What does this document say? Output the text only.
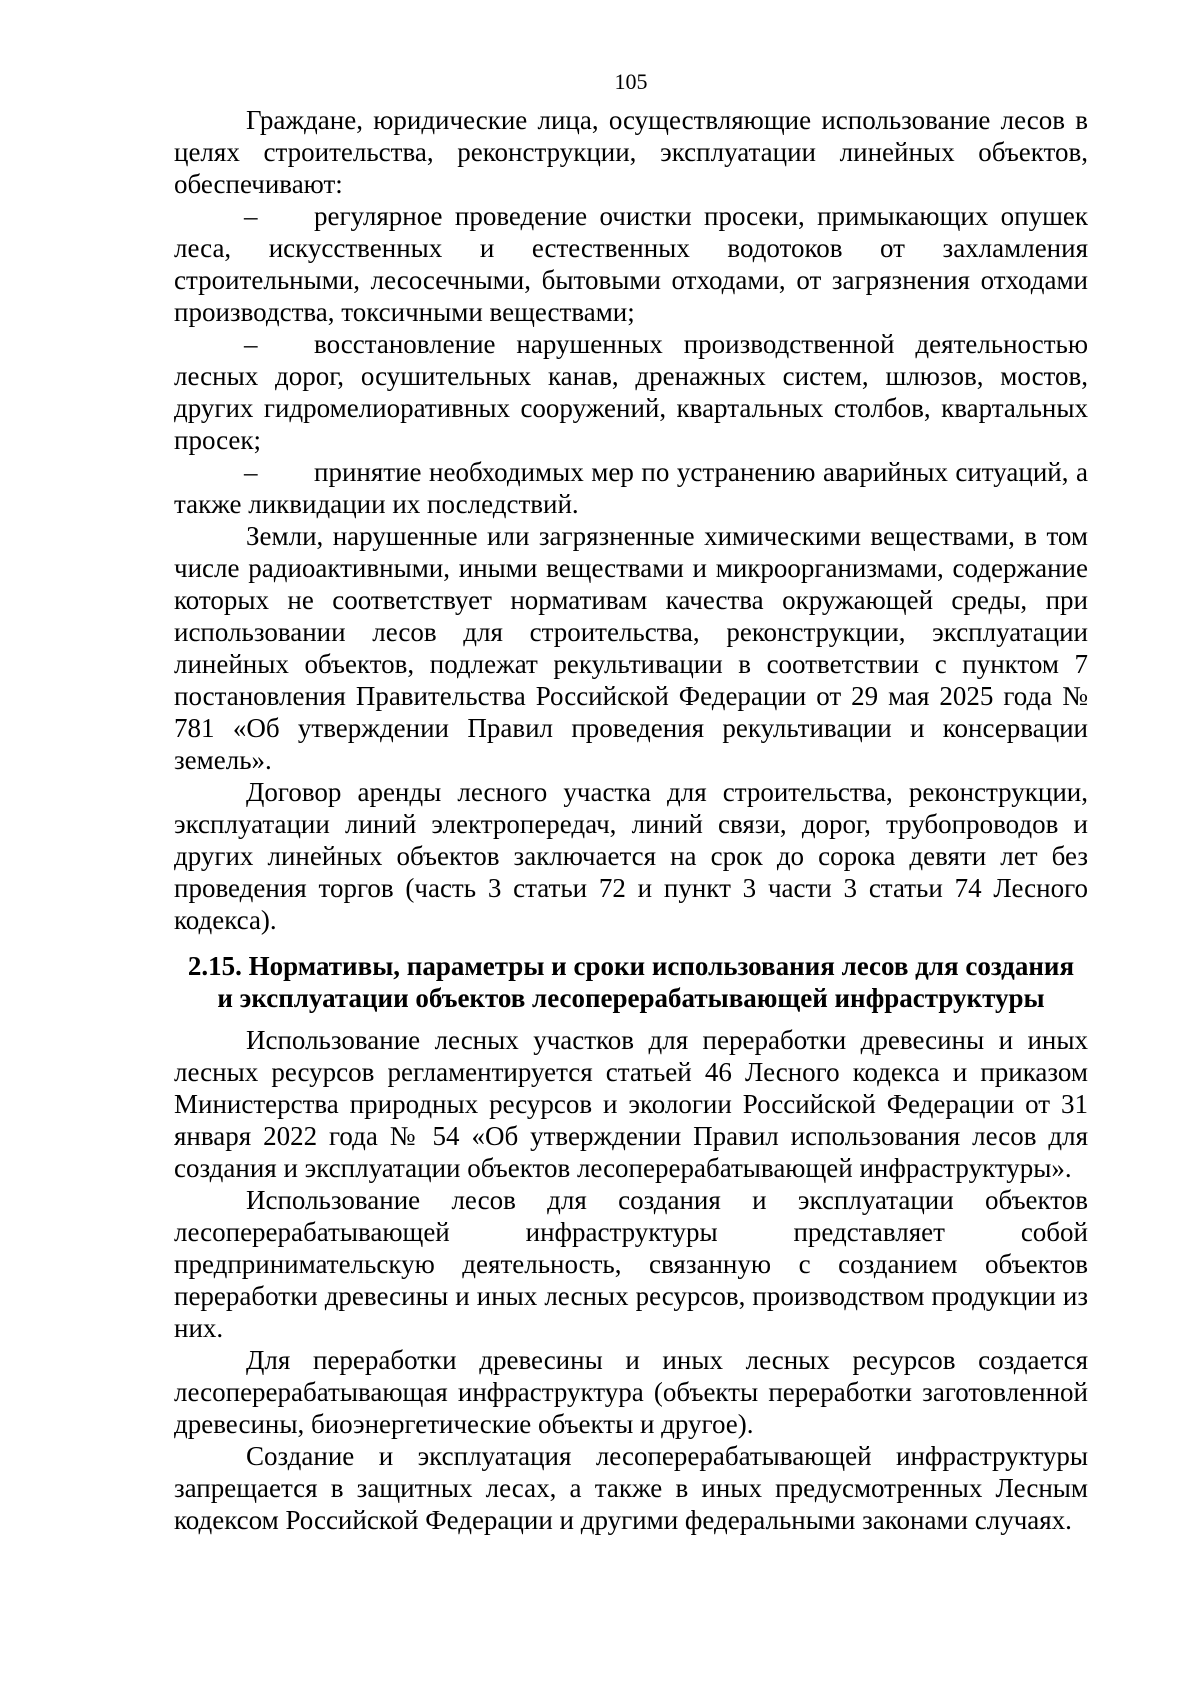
105

Граждане, юридические лица, осуществляющие использование лесов в целях строительства, реконструкции, эксплуатации линейных объектов, обеспечивают:

– регулярное проведение очистки просеки, примыкающих опушек леса, искусственных и естественных водотоков от захламления строительными, лесосечными, бытовыми отходами, от загрязнения отходами производства, токсичными веществами;

– восстановление нарушенных производственной деятельностью лесных дорог, осушительных канав, дренажных систем, шлюзов, мостов, других гидромелиоративных сооружений, квартальных столбов, квартальных просек;

– принятие необходимых мер по устранению аварийных ситуаций, а также ликвидации их последствий.

Земли, нарушенные или загрязненные химическими веществами, в том числе радиоактивными, иными веществами и микроорганизмами, содержание которых не соответствует нормативам качества окружающей среды, при использовании лесов для строительства, реконструкции, эксплуатации линейных объектов, подлежат рекультивации в соответствии с пунктом 7 постановления Правительства Российской Федерации от 29 мая 2025 года № 781 «Об утверждении Правил проведения рекультивации и консервации земель».

Договор аренды лесного участка для строительства, реконструкции, эксплуатации линий электропередач, линий связи, дорог, трубопроводов и других линейных объектов заключается на срок до сорока девяти лет без проведения торгов (часть 3 статьи 72 и пункт 3 части 3 статьи 74 Лесного кодекса).

2.15. Нормативы, параметры и сроки использования лесов для создания
и эксплуатации объектов лесоперерабатывающей инфраструктуры

Использование лесных участков для переработки древесины и иных лесных ресурсов регламентируется статьей 46 Лесного кодекса и приказом Министерства природных ресурсов и экологии Российской Федерации от 31 января 2022 года № 54 «Об утверждении Правил использования лесов для создания и эксплуатации объектов лесоперерабатывающей инфраструктуры».

Использование лесов для создания и эксплуатации объектов лесоперерабатывающей инфраструктуры представляет собой предпринимательскую деятельность, связанную с созданием объектов переработки древесины и иных лесных ресурсов, производством продукции из них.

Для переработки древесины и иных лесных ресурсов создается лесоперерабатывающая инфраструктура (объекты переработки заготовленной древесины, биоэнергетические объекты и другое).

Создание и эксплуатация лесоперерабатывающей инфраструктуры запрещается в защитных лесах, а также в иных предусмотренных Лесным кодексом Российской Федерации и другими федеральными законами случаях.
